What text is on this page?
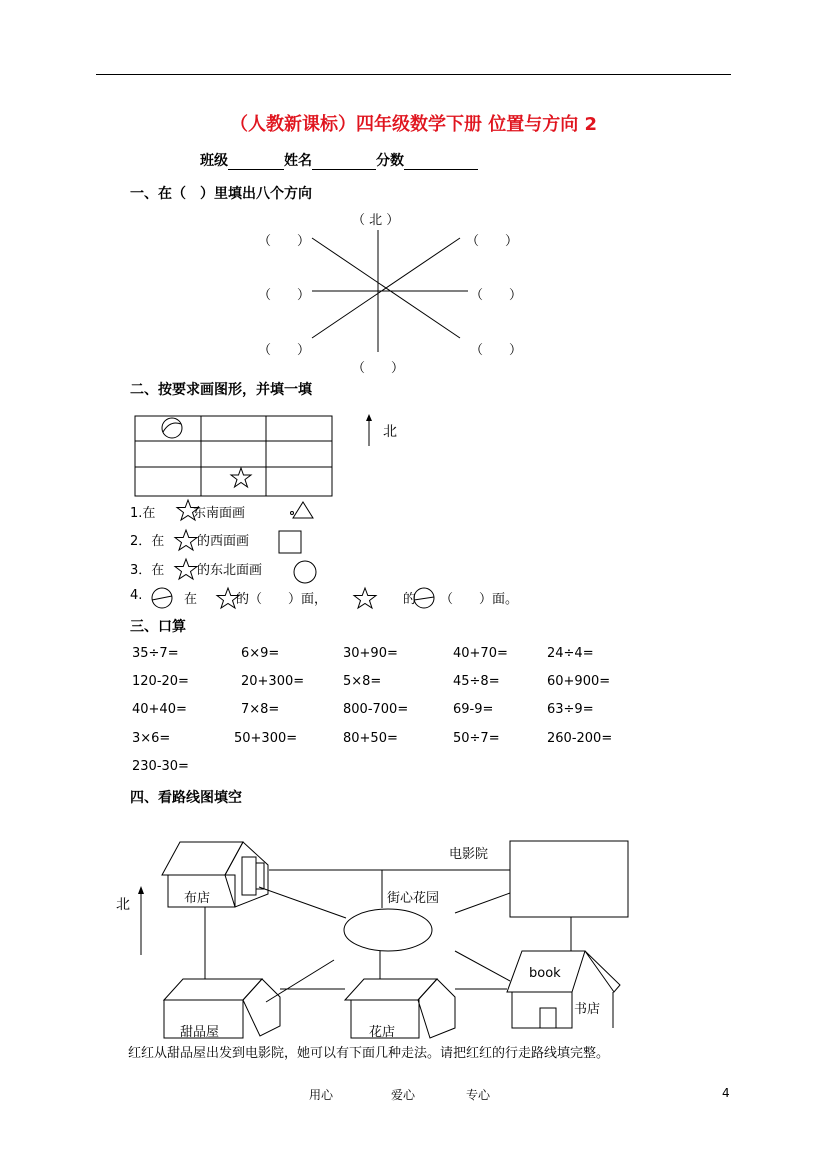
（人教新课标）四年级数学下册 位置与方向 2
班级	姓名	分数
一、在（　）里填出八个方向
（ 北 ）
（　　）	（　　）
（　　）	（　　）
（　　）	（　　）
（　　）
二、按要求画图形，并填一填
北
1.在	东南面画
2．在	的西面画
3．在	的东北面画
4.	在	的（　　）面，	的 （　　）面。
三、口算
35÷7=	6×9=	30+90=	40+70=	24÷4=
120-20=	20+300=	5×8=	45÷8=	60+900=
40+40=	7×8=	800-700=	69-9=	63÷9=
3×6=	50+300=	80+50=	50÷7=	260-200=
230-30=
四、看路线图填空
北	布店
电影院
街心花园
甜品屋	花店
book
书店
红红从甜品屋出发到电影院，她可以有下面几种走法。请把红红的行走路线填完整。
用心	爱心	专心	4
